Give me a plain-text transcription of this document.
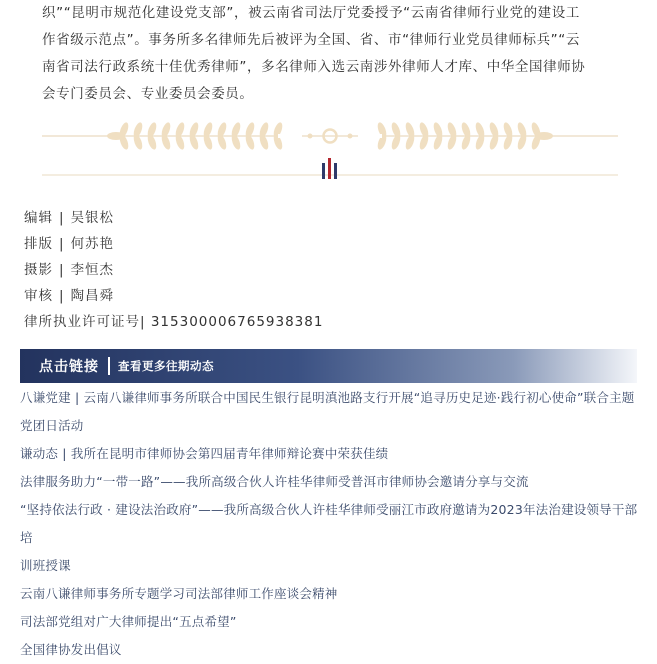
织”“昆明市规范化建设党支部”，被云南省司法厅党委授予“云南省律师行业党的建设工

作省级示范点”。事务所多名律师先后被评为全国、省、市“律师行业党员律师标兵”“云

南省司法行政系统十佳优秀律师”，多名律师入选云南涉外律师人才库、中华全国律师协

会专门委员会、专业委员会委员。

编辑 | 吴银松
排版 | 何苏艳
摄影 | 李恒杰
审核 | 陶昌舜
律所执业许可证号| 31530000676593838​1
点击链接 查看更多往期动态
八谦党建 | 云南八谦律师事务所联合中国民生银行昆明滇池路支行开展“追寻历史足迹·践行初心使命”联合主题
党团日活动
谦动态 | 我所在昆明市律师协会第四届青年律师辩论赛中荣获佳绩
法律服务助力“一带一路”——我所高级合伙人许桂华律师受普洱市律师协会邀请分享与交流
“坚持依法行政 · 建设法治政府”——我所高级合伙人许桂华律师受丽江市政府邀请为2023年法治建设领导干部培
训班授课
云南八谦律师事务所专题学习司法部律师工作座谈会精神
司法部党组对广大律师提出“五点希望”
全国律协发出倡议
